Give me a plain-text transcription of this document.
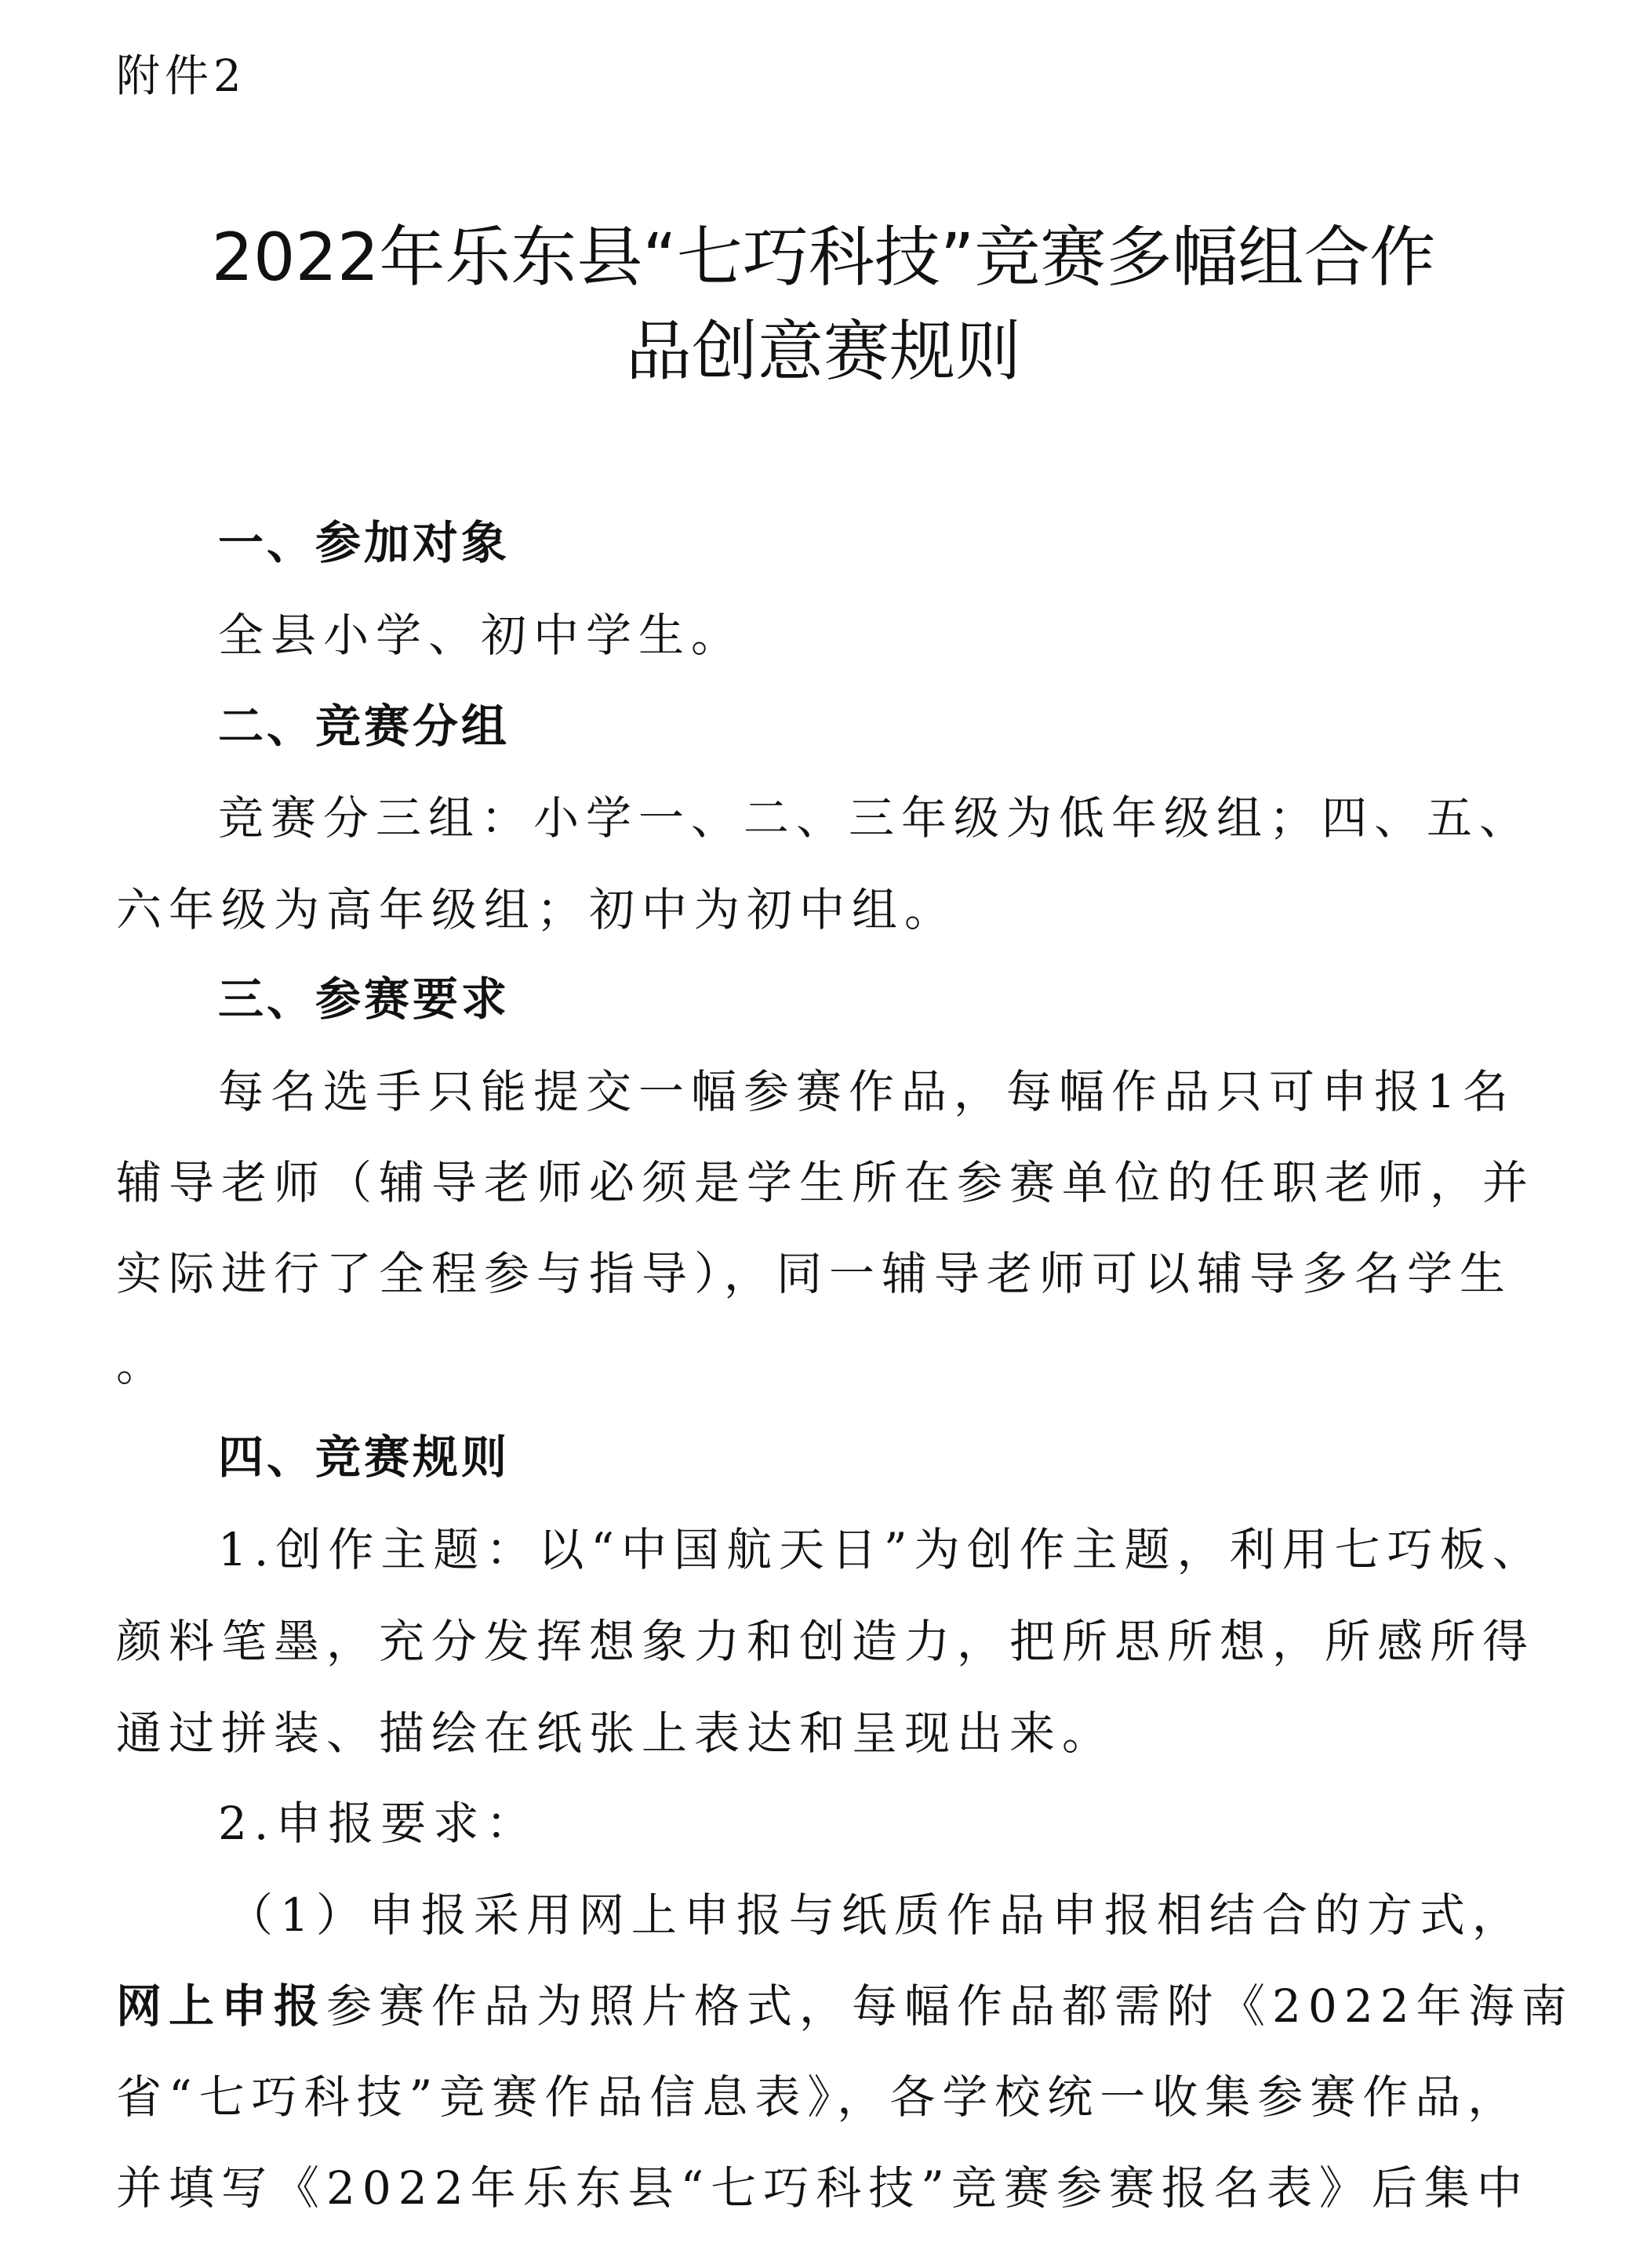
附件2

2022年乐东县“七巧科技”竞赛多幅组合作
品创意赛规则

一、参加对象

全县小学、初中学生。

二、竞赛分组

竞赛分三组：小学一、二、三年级为低年级组；四、五、

六年级为高年级组；初中为初中组。

三、参赛要求

每名选手只能提交一幅参赛作品，每幅作品只可申报1名

辅导老师（辅导老师必须是学生所在参赛单位的任职老师，并

实际进行了全程参与指导），同一辅导老师可以辅导多名学生

。

四、竞赛规则

1.创作主题：以“中国航天日”为创作主题，利用七巧板、

颜料笔墨，充分发挥想象力和创造力，把所思所想，所感所得

通过拼装、描绘在纸张上表达和呈现出来。

2.申报要求：

（1）申报采用网上申报与纸质作品申报相结合的方式，

网上申报参赛作品为照片格式，每幅作品都需附《2022年海南

省“七巧科技”竞赛作品信息表》，各学校统一收集参赛作品，

并填写《2022年乐东县“七巧科技”竞赛参赛报名表》后集中
